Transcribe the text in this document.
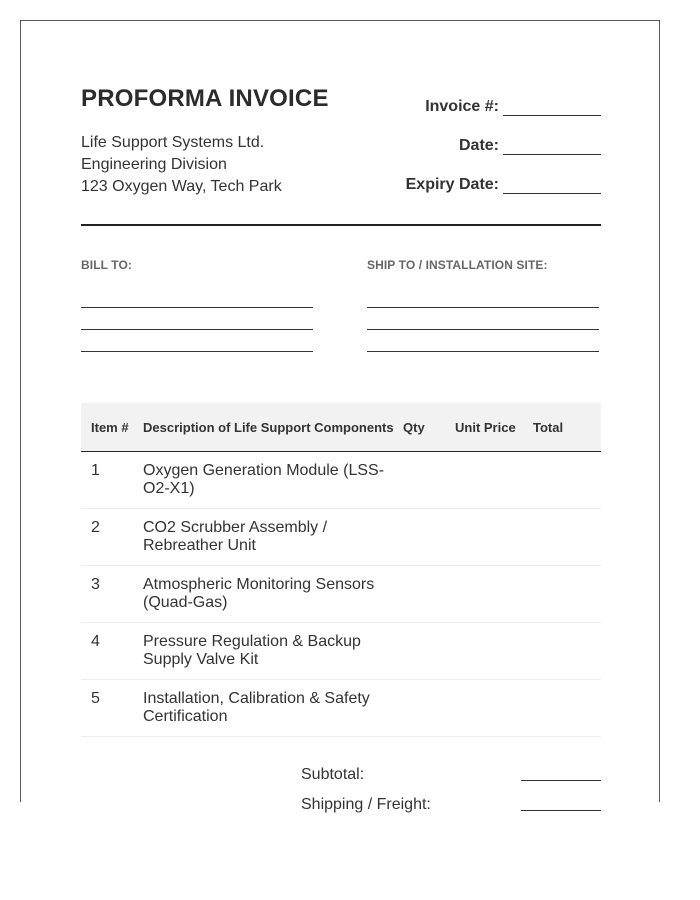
PROFORMA INVOICE
Life Support Systems Ltd.
Engineering Division
123 Oxygen Way, Tech Park
Invoice #:
Date:
Expiry Date:
BILL TO:	SHIP TO / INSTALLATION SITE:
Item #	Description of Life Support Components	Qty	Unit Price	Total
1	Oxygen Generation Module (LSS-O2-X1)			
2	CO2 Scrubber Assembly / Rebreather Unit			
3	Atmospheric Monitoring Sensors (Quad-Gas)			
4	Pressure Regulation & Backup Supply Valve Kit			
5	Installation, Calibration & Safety Certification			
Subtotal:
Shipping / Freight:
